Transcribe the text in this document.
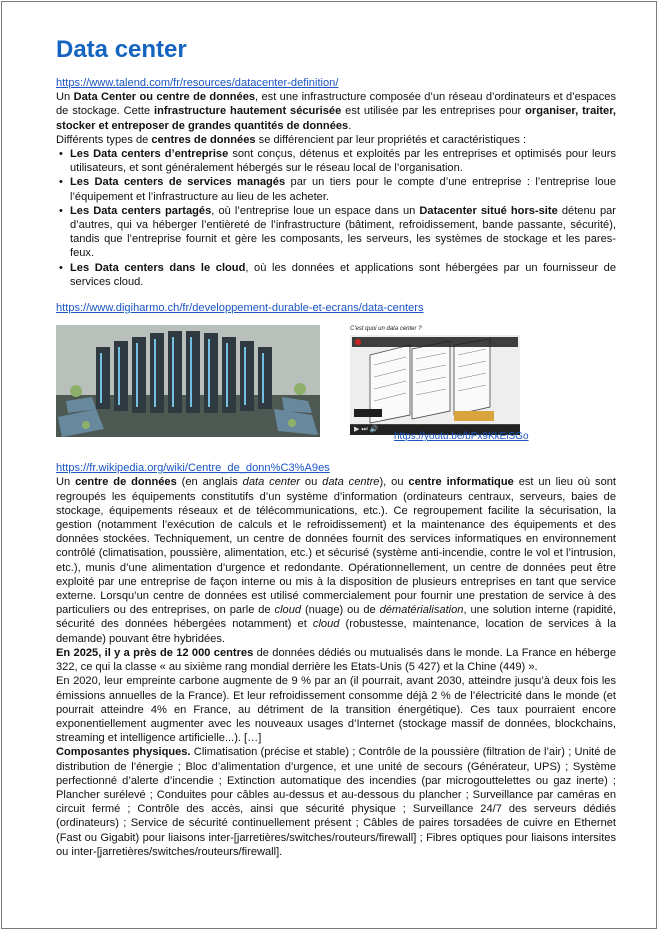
Data center
https://www.talend.com/fr/resources/datacenter-definition/

Un Data Center ou centre de données, est une infrastructure composée d’un réseau d’ordinateurs et d’espaces de stockage. Cette infrastructure hautement sécurisée est utilisée par les entreprises pour organiser, traiter, stocker et entreposer de grandes quantités de données.

Différents types de centres de données se différencient par leur propriétés et caractéristiques :

• Les Data centers d’entreprise sont conçus, détenus et exploités par les entreprises et optimisés pour leurs utilisateurs, et sont généralement hébergés sur le réseau local de l’organisation.
• Les Data centers de services managés par un tiers pour le compte d’une entreprise : l’entreprise loue l’équipement et l’infrastructure au lieu de les acheter.
• Les Data centers partagés, où l’entreprise loue un espace dans un Datacenter situé hors-site détenu par d’autres, qui va héberger l’entièreté de l’infrastructure (bâtiment, refroidissement, bande passante, sécurité), tandis que l’entreprise fournit et gère les composants, les serveurs, les systèmes de stockage et les pares-feux.
• Les Data centers dans le cloud, où les données et applications sont hébergées par un fournisseur de services cloud.
https://www.digiharmo.ch/fr/developpement-durable-et-ecrans/data-centers
C'est quoi un data center ?
▶ ⏭ 🔊
https://youtu.be/bPx9KkEiSGo
https://fr.wikipedia.org/wiki/Centre_de_donn%C3%A9es

Un centre de données (en anglais data center ou data centre), ou centre informatique est un lieu où sont regroupés les équipements constitutifs d’un système d’information (ordinateurs centraux, serveurs, baies de stockage, équipements réseaux et de télécommunications, etc.). Ce regroupement facilite la sécurisation, la gestion (notamment l’exécution de calculs et le refroidissement) et la maintenance des équipements et des données stockées. Techniquement, un centre de données fournit des services informatiques en environnement contrôlé (climatisation, poussière, alimentation, etc.) et sécurisé (système anti-incendie, contre le vol et l’intrusion, etc.), munis d’une alimentation d’urgence et redondante. Opérationnellement, un centre de données peut être exploité par une entreprise de façon interne ou mis à la disposition de plusieurs entreprises en tant que service externe. Lorsqu’un centre de données est utilisé commercialement pour fournir une prestation de service à des particuliers ou des entreprises, on parle de cloud (nuage) ou de dématérialisation, une solution interne (rapidité, sécurité des données hébergées notamment) et cloud (robustesse, maintenance, location de services à la demande) pouvant être hybridées.

En 2025, il y a près de 12 000 centres de données dédiés ou mutualisés dans le monde. La France en héberge 322, ce qui la classe « au sixième rang mondial derrière les Etats-Unis (5 427) et la Chine (449) ».

En 2020, leur empreinte carbone augmente de 9 % par an (il pourrait, avant 2030, atteindre jusqu’à deux fois les émissions annuelles de la France). Et leur refroidissement consomme déjà 2 % de l’électricité dans le monde (et pourrait atteindre 4% en France, au détriment de la transition énergétique). Ces taux pourraient encore exponentiellement augmenter avec les nouveaux usages d’Internet (stockage massif de données, blockchains, streaming et intelligence artificielle...). […]

Composantes physiques. Climatisation (précise et stable) ; Contrôle de la poussière (filtration de l’air) ; Unité de distribution de l’énergie ; Bloc d’alimentation d’urgence, et une unité de secours (Générateur, UPS) ; Système perfectionné d’alerte d’incendie ; Extinction automatique des incendies (par microgouttelettes ou gaz inerte) ; Plancher surélevé ; Conduites pour câbles au-dessus et au-dessous du plancher ; Surveillance par caméras en circuit fermé ; Contrôle des accès, ainsi que sécurité physique ; Surveillance 24/7 des serveurs dédiés (ordinateurs) ; Service de sécurité continuellement présent ; Câbles de paires torsadées de cuivre en Ethernet (Fast ou Gigabit) pour liaisons inter-[jarretières/switches/routeurs/firewall] ; Fibres optiques pour liaisons intersites ou inter-[jarretières/switches/routeurs/firewall].
